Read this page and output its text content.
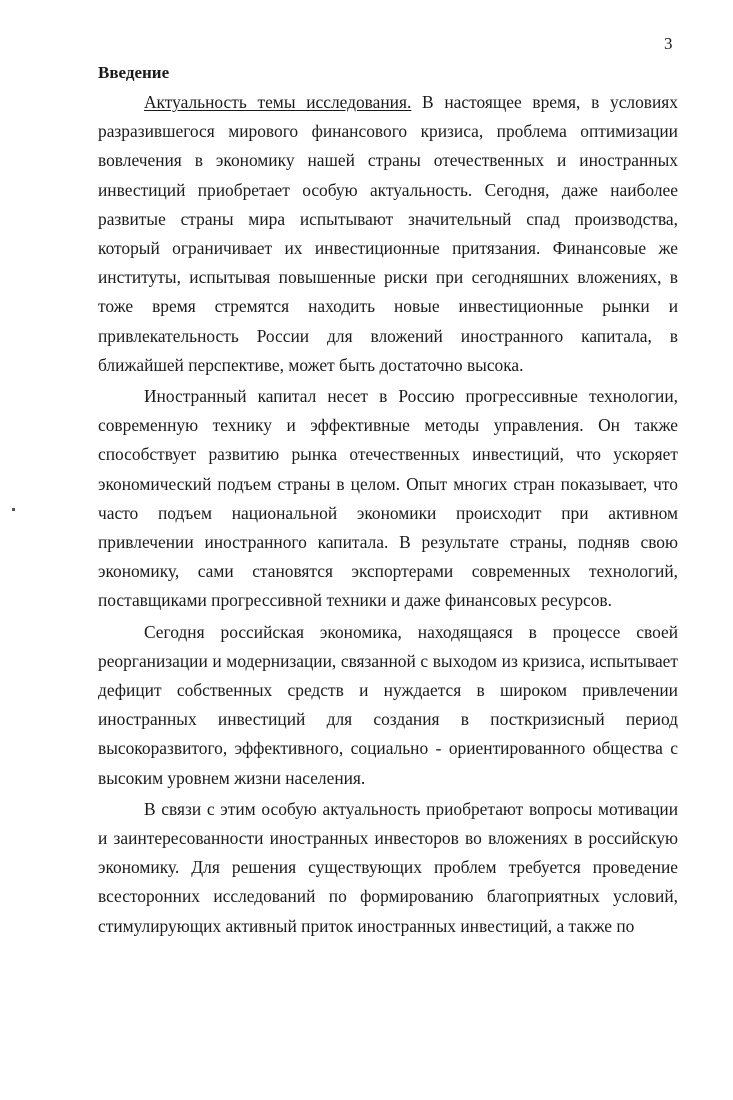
3
Введение

Актуальность темы исследования. В настоящее время, в условиях разразившегося мирового финансового кризиса, проблема оптимизации вовлечения в экономику нашей страны отечественных и иностранных инвестиций приобретает особую актуальность. Сегодня, даже наиболее развитые страны мира испытывают значительный спад производства, который ограничивает их инвестиционные притязания. Финансовые же институты, испытывая повышенные риски при сегодняшних вложениях, в тоже время стремятся находить новые инвестиционные рынки и привлекательность России для вложений иностранного капитала, в ближайшей перспективе, может быть достаточно высока.

Иностранный капитал несет в Россию прогрессивные технологии, современную технику и эффективные методы управления. Он также способствует развитию рынка отечественных инвестиций, что ускоряет экономический подъем страны в целом. Опыт многих стран показывает, что часто подъем национальной экономики происходит при активном привлечении иностранного капитала. В результате страны, подняв свою экономику, сами становятся экспортерами современных технологий, поставщиками прогрессивной техники и даже финансовых ресурсов.

Сегодня российская экономика, находящаяся в процессе своей реорганизации и модернизации, связанной с выходом из кризиса, испытывает дефицит собственных средств и нуждается в широком привлечении иностранных инвестиций для создания в посткризисный период высокоразвитого, эффективного, социально - ориентированного общества с высоким уровнем жизни населения.

В связи с этим особую актуальность приобретают вопросы мотивации и заинтересованности иностранных инвесторов во вложениях в российскую экономику. Для решения существующих проблем требуется проведение всесторонних исследований по формированию благоприятных условий, стимулирующих активный приток иностранных инвестиций, а также по
